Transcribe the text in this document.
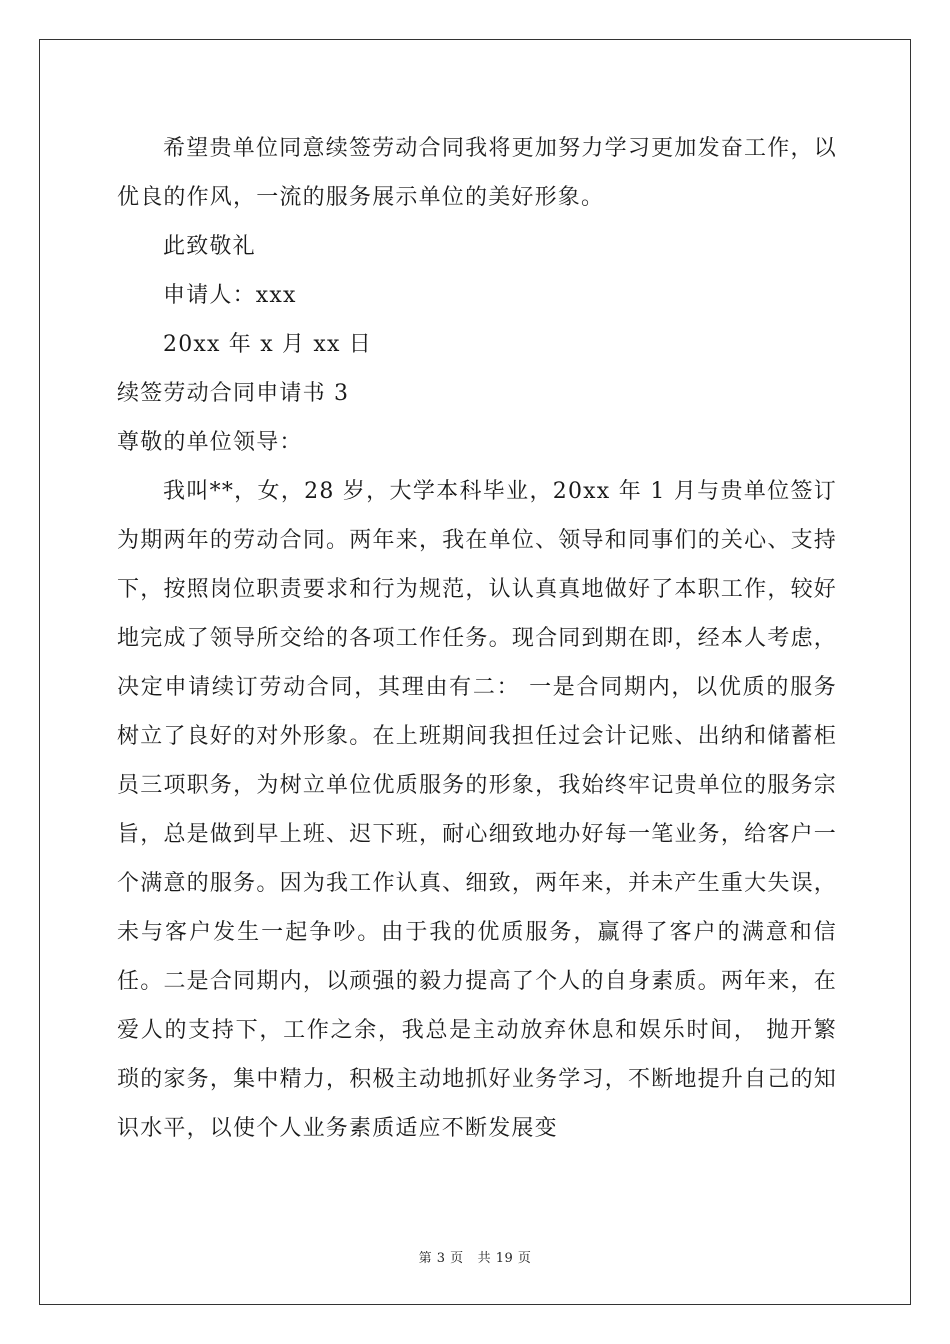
希望贵单位同意续签劳动合同我将更加努力学习更加发奋工作，以优良的作风，一流的服务展示单位的美好形象。

此致敬礼

申请人：xxx

20xx 年 x 月 xx 日

续签劳动合同申请书 3

尊敬的单位领导：

我叫**，女，28 岁，大学本科毕业，20xx 年 1 月与贵单位签订为期两年的劳动合同。两年来，我在单位、领导和同事们的关心、支持下，按照岗位职责要求和行为规范，认认真真地做好了本职工作，较好地完成了领导所交给的各项工作任务。现合同到期在即，经本人考虑，决定申请续订劳动合同，其理由有二： 一是合同期内，以优质的服务树立了良好的对外形象。在上班期间我担任过会计记账、出纳和储蓄柜员三项职务，为树立单位优质服务的形象，我始终牢记贵单位的服务宗旨，总是做到早上班、迟下班，耐心细致地办好每一笔业务，给客户一个满意的服务。因为我工作认真、细致，两年来，并未产生重大失误，未与客户发生一起争吵。由于我的优质服务，赢得了客户的满意和信任。二是合同期内，以顽强的毅力提高了个人的自身素质。两年来，在爱人的支持下，工作之余，我总是主动放弃休息和娱乐时间， 抛开繁琐的家务，集中精力，积极主动地抓好业务学习，不断地提升自己的知识水平，以使个人业务素质适应不断发展变

第 3 页 共 19 页
